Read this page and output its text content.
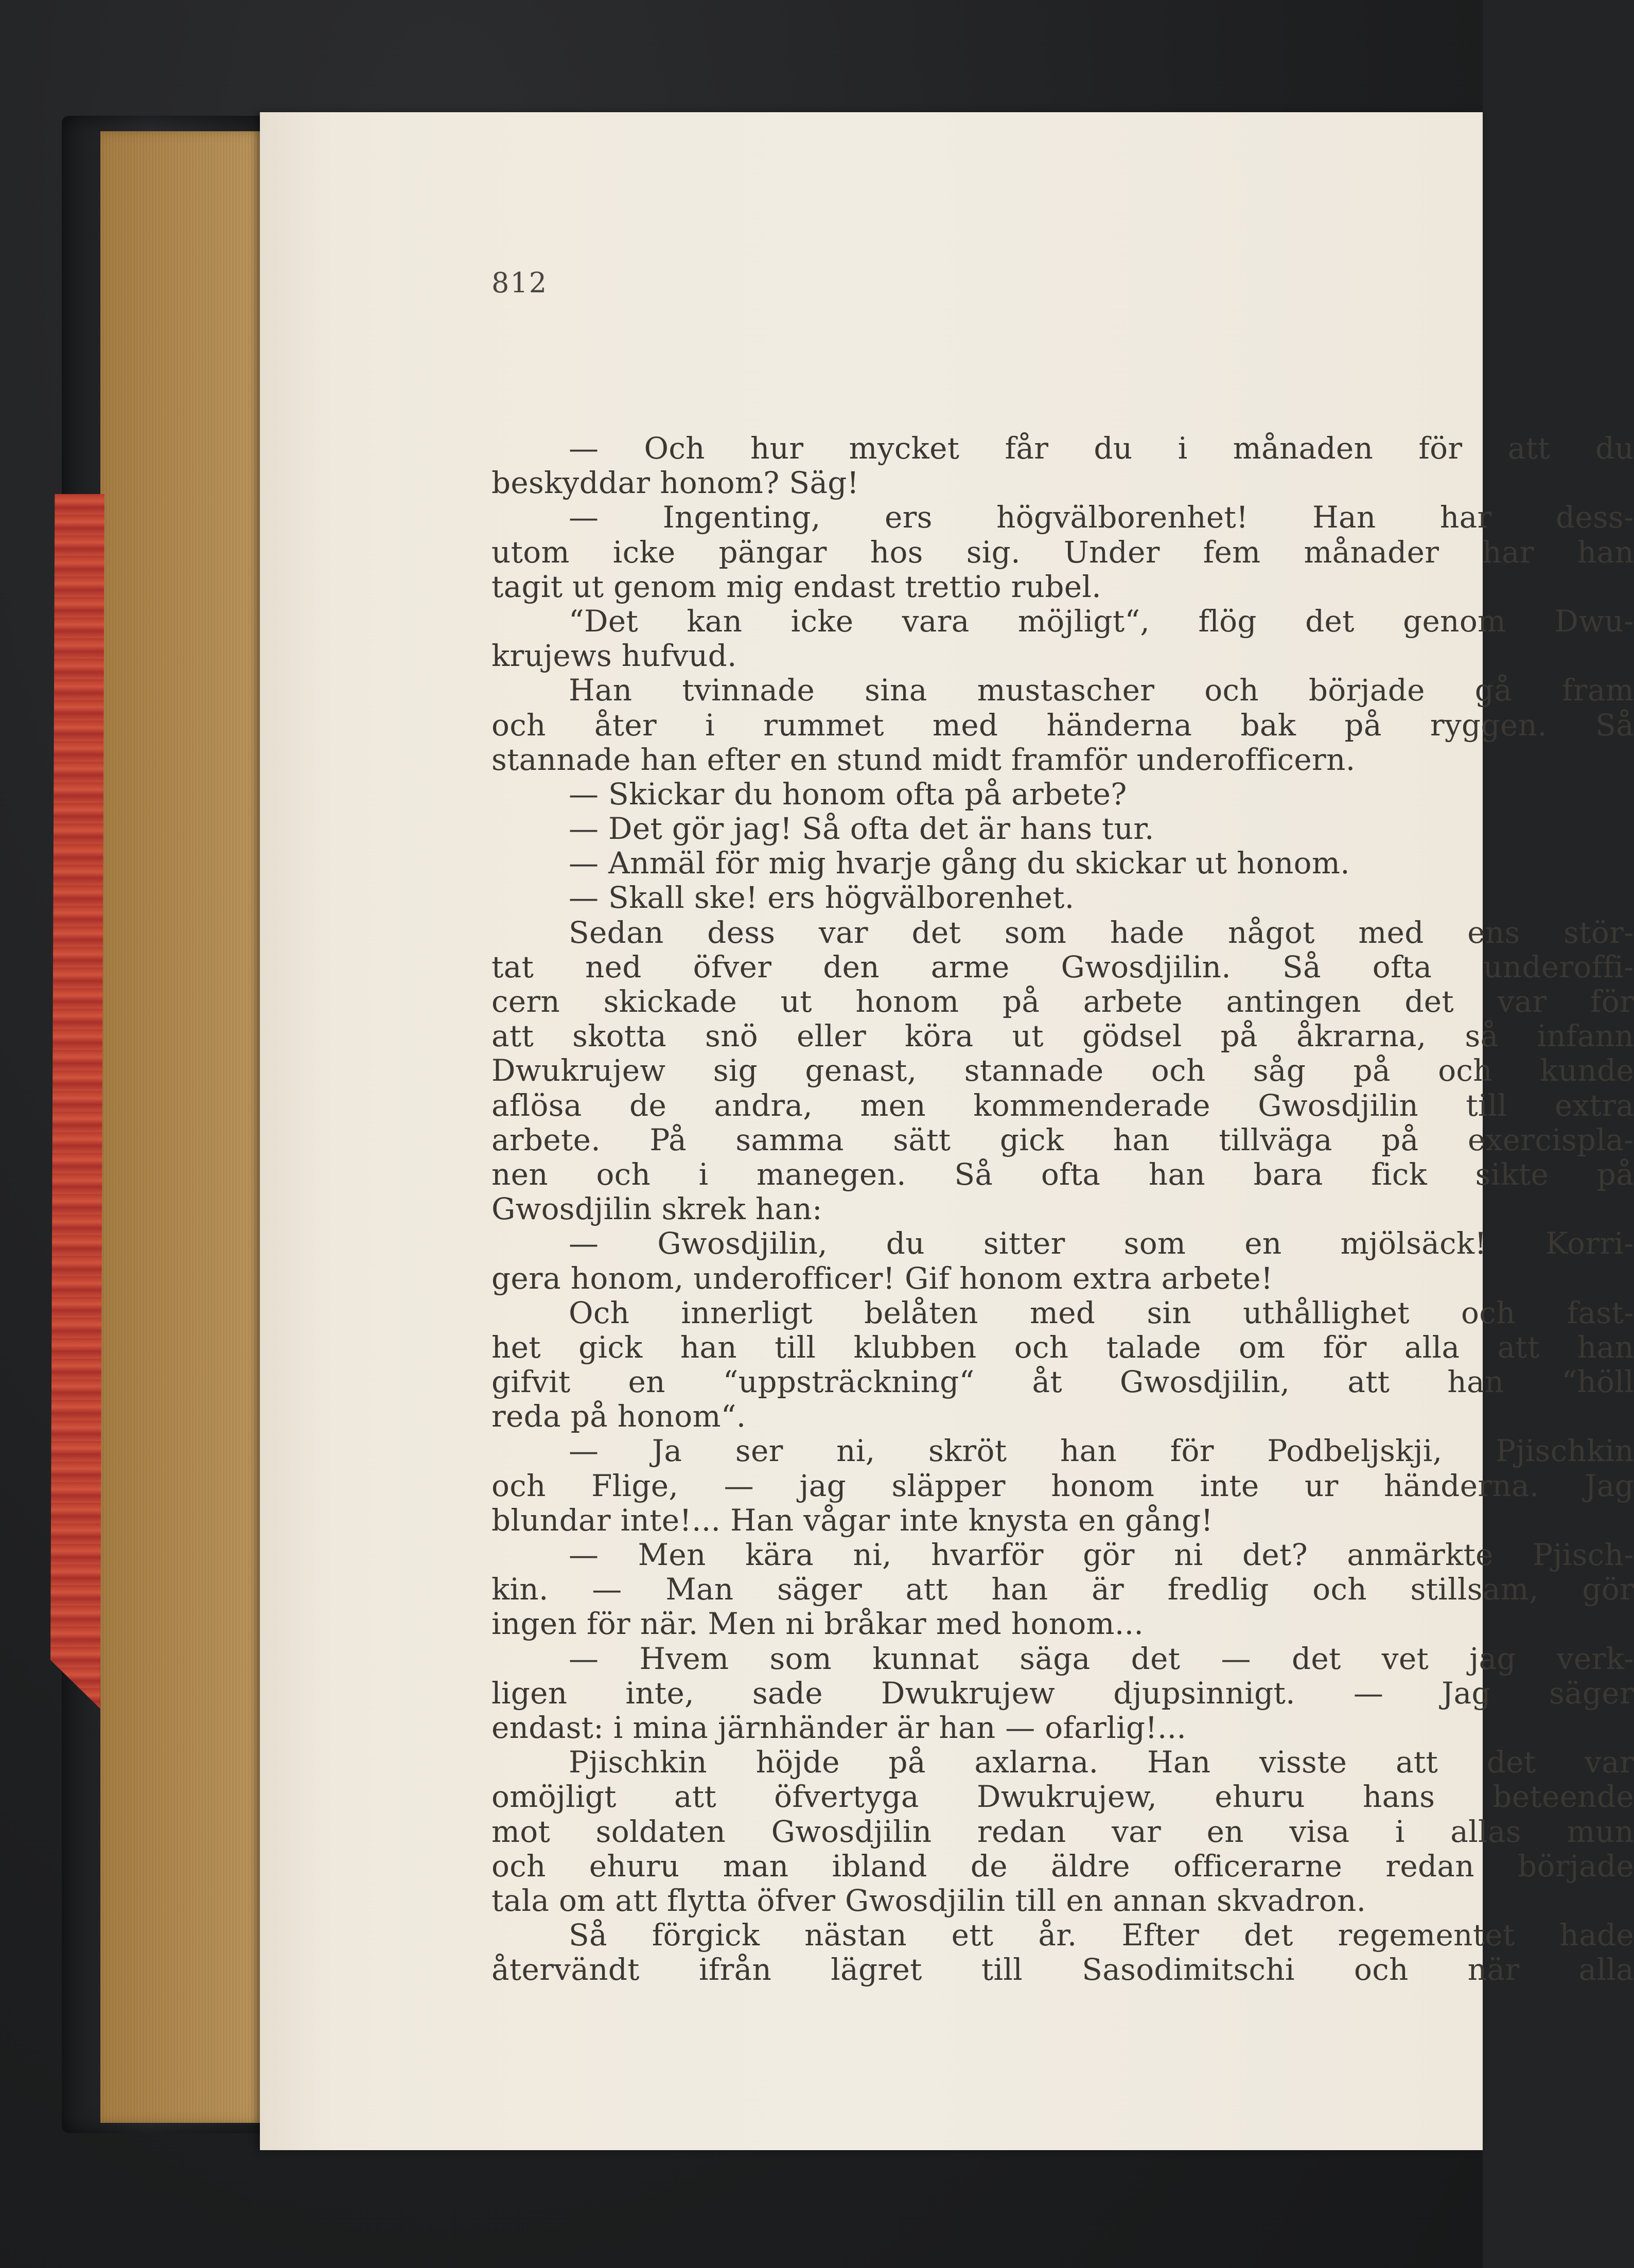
812
— Och hur mycket får du i månaden för att du
beskyddar honom? Säg!
— Ingenting, ers högvälborenhet! Han har dess-
utom icke pängar hos sig. Under fem månader har han
tagit ut genom mig endast trettio rubel.
“Det kan icke vara möjligt“, flög det genom Dwu-
krujews hufvud.
Han tvinnade sina mustascher och började gå fram
och åter i rummet med händerna bak på ryggen. Så
stannade han efter en stund midt framför underofficern.
— Skickar du honom ofta på arbete?
— Det gör jag! Så ofta det är hans tur.
— Anmäl för mig hvarje gång du skickar ut honom.
— Skall ske! ers högvälborenhet.
Sedan dess var det som hade något med ens stör-
tat ned öfver den arme Gwosdjilin. Så ofta underoffi-
cern skickade ut honom på arbete antingen det var för
att skotta snö eller köra ut gödsel på åkrarna, så infann
Dwukrujew sig genast, stannade och såg på och kunde
aflösa de andra, men kommenderade Gwosdjilin till extra
arbete. På samma sätt gick han tillväga på exercispla-
nen och i manegen. Så ofta han bara fick sikte på
Gwosdjilin skrek han:
— Gwosdjilin, du sitter som en mjölsäck! Korri-
gera honom, underofficer! Gif honom extra arbete!
Och innerligt belåten med sin uthållighet och fast-
het gick han till klubben och talade om för alla att han
gifvit en “uppsträckning“ åt Gwosdjilin, att han “höll
reda på honom“.
— Ja ser ni, skröt han för Podbeljskji, Pjischkin
och Flige, — jag släpper honom inte ur händerna. Jag
blundar inte!... Han vågar inte knysta en gång!
— Men kära ni, hvarför gör ni det? anmärkte Pjisch-
kin. — Man säger att han är fredlig och stillsam, gör
ingen för när. Men ni bråkar med honom...
— Hvem som kunnat säga det — det vet jag verk-
ligen inte, sade Dwukrujew djupsinnigt. — Jag säger
endast: i mina järnhänder är han — ofarlig!...
Pjischkin höjde på axlarna. Han visste att det var
omöjligt att öfvertyga Dwukrujew, ehuru hans beteende
mot soldaten Gwosdjilin redan var en visa i allas mun
och ehuru man ibland de äldre officerarne redan började
tala om att flytta öfver Gwosdjilin till en annan skvadron.
Så förgick nästan ett år. Efter det regementet hade
återvändt ifrån lägret till Sasodimitschi och när alla
